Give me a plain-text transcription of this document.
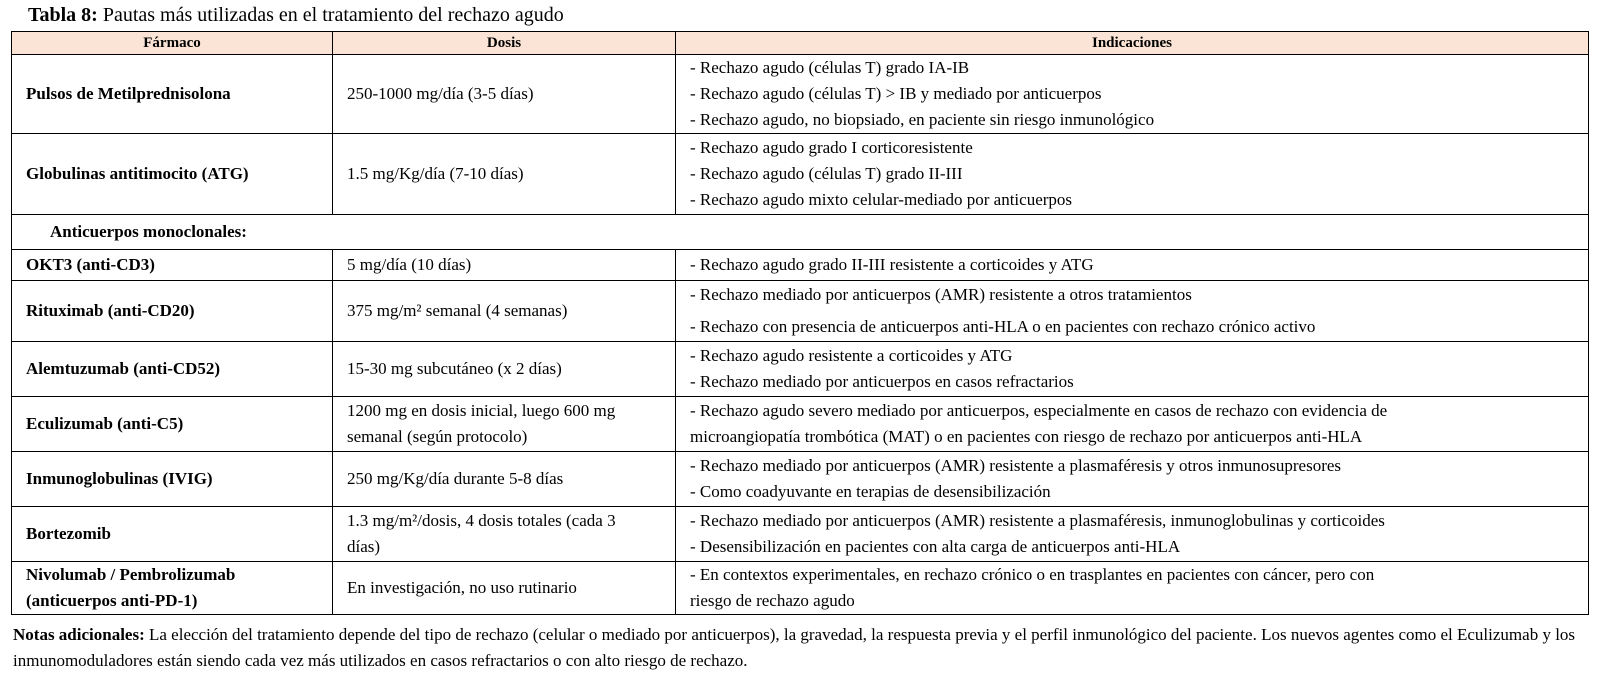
Tabla 8: Pautas más utilizadas en el tratamiento del rechazo agudo
Fármaco	Dosis	Indicaciones
Pulsos de Metilprednisolona	250-1000 mg/día (3-5 días)	- Rechazo agudo (células T) grado IA-IB
- Rechazo agudo (células T) > IB y mediado por anticuerpos
- Rechazo agudo, no biopsiado, en paciente sin riesgo inmunológico

Globulinas antitimocito (ATG)	1.5 mg/Kg/día (7-10 días)	- Rechazo agudo grado I corticoresistente
- Rechazo agudo (células T) grado II-III
- Rechazo agudo mixto celular-mediado por anticuerpos

Anticuerpos monoclonales:		
OKT3 (anti-CD3)	5 mg/día (10 días)	- Rechazo agudo grado II-III resistente a corticoides y ATG

Rituximab (anti-CD20)	375 mg/m² semanal (4 semanas)	- Rechazo mediado por anticuerpos (AMR) resistente a otros tratamientos
- Rechazo con presencia de anticuerpos anti-HLA o en pacientes con rechazo crónico activo

Alemtuzumab (anti-CD52)	15-30 mg subcutáneo (x 2 días)	- Rechazo agudo resistente a corticoides y ATG
- Rechazo mediado por anticuerpos en casos refractarios

Eculizumab (anti-C5)	1200 mg en dosis inicial, luego 600 mg
semanal (según protocolo)	- Rechazo agudo severo mediado por anticuerpos, especialmente en casos de rechazo con evidencia de
microangiopatía trombótica (MAT) o en pacientes con riesgo de rechazo por anticuerpos anti-HLA

Inmunoglobulinas (IVIG)	250 mg/Kg/día durante 5-8 días	- Rechazo mediado por anticuerpos (AMR) resistente a plasmaféresis y otros inmunosupresores
- Como coadyuvante en terapias de desensibilización

Bortezomib	1.3 mg/m²/dosis, 4 dosis totales (cada 3
días)	- Rechazo mediado por anticuerpos (AMR) resistente a plasmaféresis, inmunoglobulinas y corticoides
- Desensibilización en pacientes con alta carga de anticuerpos anti-HLA

Nivolumab / Pembrolizumab
(anticuerpos anti-PD-1)	En investigación, no uso rutinario	- En contextos experimentales, en rechazo crónico o en trasplantes en pacientes con cáncer, pero con
riesgo de rechazo agudo
Notas adicionales: La elección del tratamiento depende del tipo de rechazo (celular o mediado por anticuerpos), la gravedad, la respuesta previa y el perfil inmunológico del paciente. Los nuevos agentes como el Eculizumab y los inmunomoduladores están siendo cada vez más utilizados en casos refractarios o con alto riesgo de rechazo.
